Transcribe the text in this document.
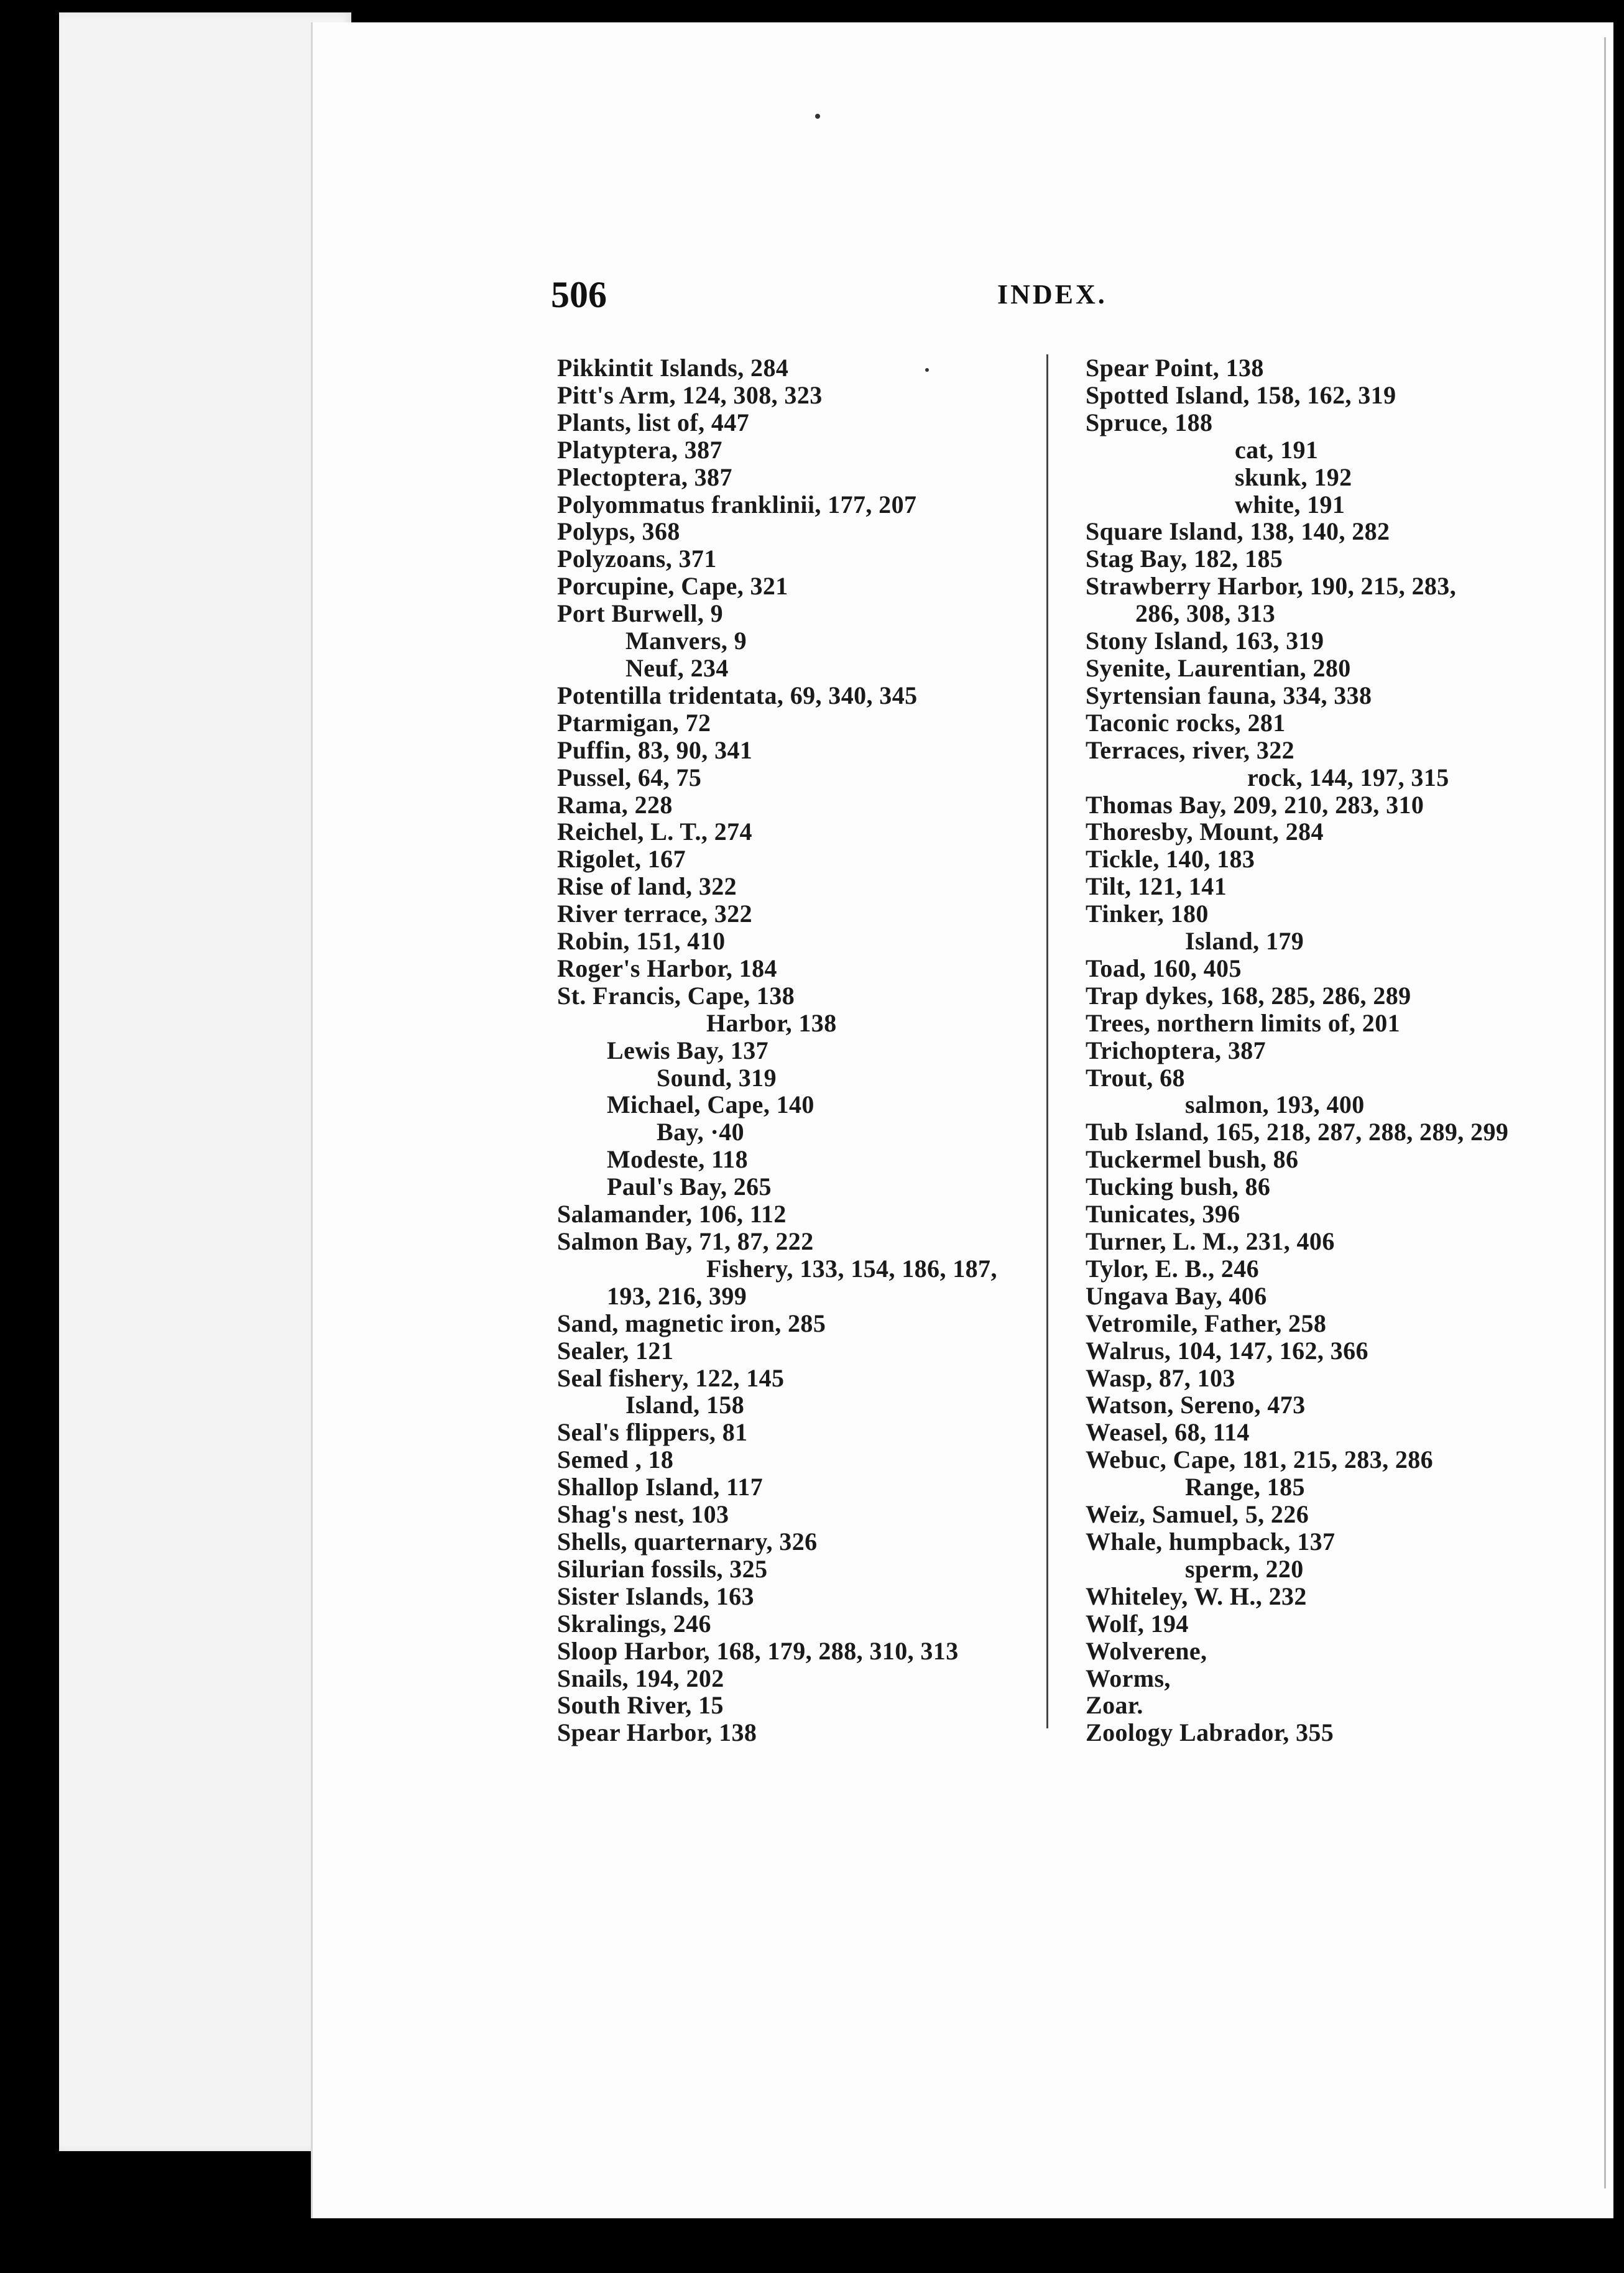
506	INDEX.
Pikkintit Islands, 284
Pitt's Arm, 124, 308, 323
Plants, list of, 447
Platyptera, 387
Plectoptera, 387
Polyommatus franklinii, 177, 207
Polyps, 368
Polyzoans, 371
Porcupine, Cape, 321
Port Burwell, 9
Manvers, 9
Neuf, 234
Potentilla tridentata, 69, 340, 345
Ptarmigan, 72
Puffin, 83, 90, 341
Pussel, 64, 75
Rama, 228
Reichel, L. T., 274
Rigolet, 167
Rise of land, 322
River terrace, 322
Robin, 151, 410
Roger's Harbor, 184
St. Francis, Cape, 138
Harbor, 138
Lewis Bay, 137
Sound, 319
Michael, Cape, 140
Bay, ·40
Modeste, 118
Paul's Bay, 265
Salamander, 106, 112
Salmon Bay, 71, 87, 222
Fishery, 133, 154, 186, 187,
193, 216, 399
Sand, magnetic iron, 285
Sealer, 121
Seal fishery, 122, 145
Island, 158
Seal's flippers, 81
Semed , 18
Shallop Island, 117
Shag's nest, 103
Shells, quarternary, 326
Silurian fossils, 325
Sister Islands, 163
Skralings, 246
Sloop Harbor, 168, 179, 288, 310, 313
Snails, 194, 202
South River, 15
Spear Harbor, 138
Spear Point, 138
Spotted Island, 158, 162, 319
Spruce, 188
cat, 191
skunk, 192
white, 191
Square Island, 138, 140, 282
Stag Bay, 182, 185
Strawberry Harbor, 190, 215, 283,
286, 308, 313
Stony Island, 163, 319
Syenite, Laurentian, 280
Syrtensian fauna, 334, 338
Taconic rocks, 281
Terraces, river, 322
rock, 144, 197, 315
Thomas Bay, 209, 210, 283, 310
Thoresby, Mount, 284
Tickle, 140, 183
Tilt, 121, 141
Tinker, 180
Island, 179
Toad, 160, 405
Trap dykes, 168, 285, 286, 289
Trees, northern limits of, 201
Trichoptera, 387
Trout, 68
salmon, 193, 400
Tub Island, 165, 218, 287, 288, 289, 299
Tuckermel bush, 86
Tucking bush, 86
Tunicates, 396
Turner, L. M., 231, 406
Tylor, E. B., 246
Ungava Bay, 406
Vetromile, Father, 258
Walrus, 104, 147, 162, 366
Wasp, 87, 103
Watson, Sereno, 473
Weasel, 68, 114
Webuc, Cape, 181, 215, 283, 286
Range, 185
Weiz, Samuel, 5, 226
Whale, humpback, 137
sperm, 220
Whiteley, W. H., 232
Wolf, 194
Wolverene,
Worms,
Zoar.
Zoology Labrador, 355
